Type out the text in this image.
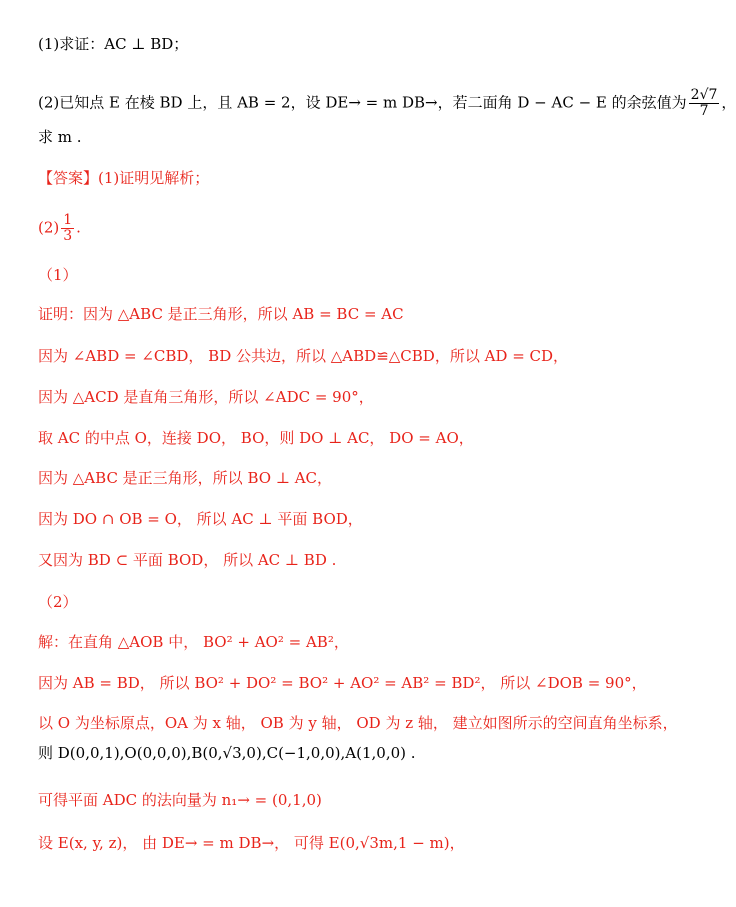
(1)求证：AC ⊥ BD；
(2)已知点 E 在棱 BD 上，且 AB = 2，设 DE→ = m DB→，若二面角 D − AC − E 的余弦值为 $\frac{2√7}{7}$ ，
求 m .
【答案】(1)证明见解析；
$(2) \frac{1}{3}$ .
（1）
证明：因为 △ABC 是正三角形，所以 AB = BC = AC
因为 ∠ABD = ∠CBD， BD 公共边，所以 △ABD≌△CBD，所以 AD = CD，
因为 △ACD 是直角三角形，所以 ∠ADC = 90°，
取 AC 的中点 O，连接 DO， BO，则 DO ⊥ AC， DO = AO，
因为 △ABC 是正三角形，所以 BO ⊥ AC，
因为 DO ∩ OB = O， 所以 AC ⊥ 平面 BOD，
又因为 BD ⊂ 平面 BOD， 所以 AC ⊥ BD .
（2）
解：在直角 △AOB 中， BO² + AO² = AB²，
因为 AB = BD， 所以 BO² + DO² = BO² + AO² = AB² = BD²， 所以 ∠DOB = 90°，
以 O 为坐标原点，OA 为 x 轴， OB 为 y 轴， OD 为 z 轴， 建立如图所示的空间直角坐标系，
则 D(0,0,1),O(0,0,0),B(0,√3,0),C(−1,0,0),A(1,0,0) .
可得平面 ADC 的法向量为 n₁→ = (0,1,0)
设 E(x, y, z)， 由 DE→ = m DB→， 可得 E(0,√3m,1 − m)，
